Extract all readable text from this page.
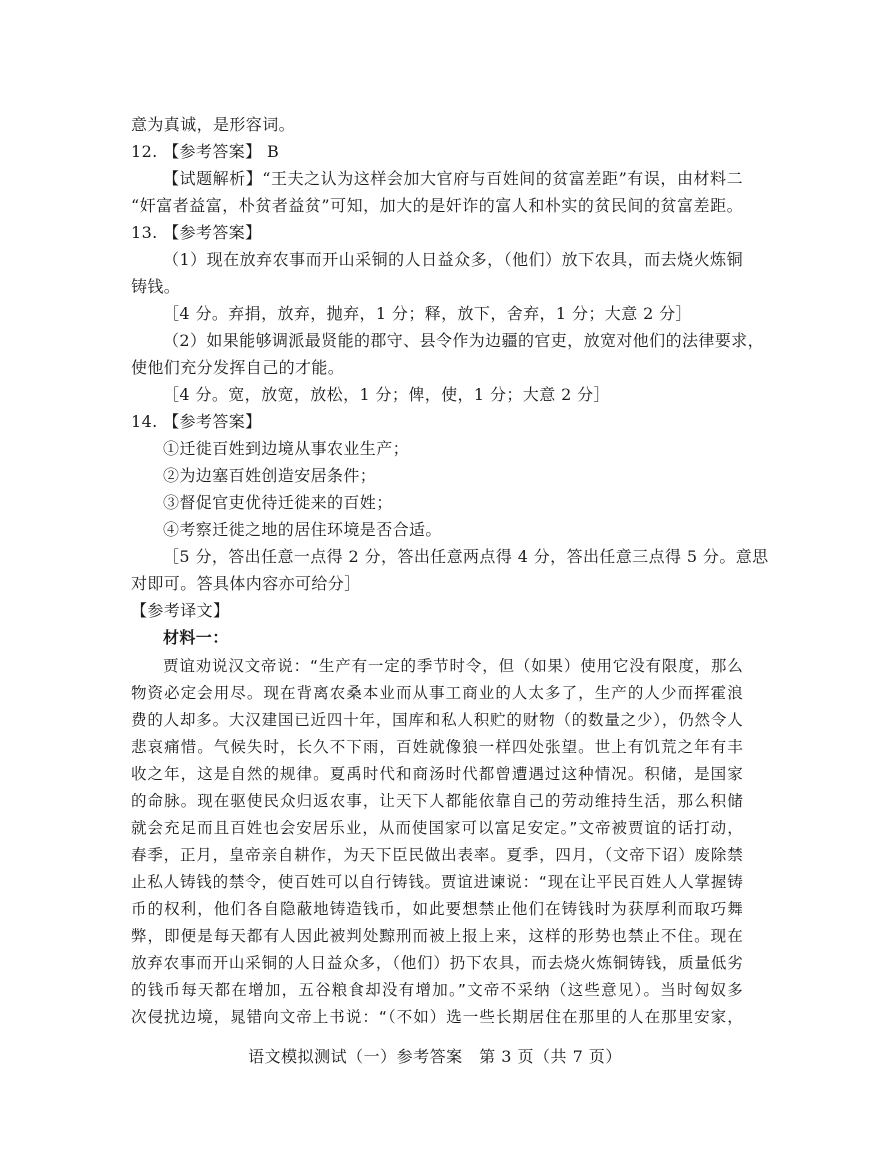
意为真诚，是形容词。
12. 【参考答案】 B
【试题解析】“王夫之认为这样会加大官府与百姓间的贫富差距”有误，由材料二
“奸富者益富，朴贫者益贫”可知，加大的是奸诈的富人和朴实的贫民间的贫富差距。
13. 【参考答案】
（1）现在放弃农事而开山采铜的人日益众多，（他们）放下农具，而去烧火炼铜
铸钱。
［4 分。弃捐，放弃，抛弃，1 分；释，放下，舍弃，1 分；大意 2 分］
（2）如果能够调派最贤能的郡守、县令作为边疆的官吏，放宽对他们的法律要求，
使他们充分发挥自己的才能。
［4 分。宽，放宽，放松，1 分；俾，使，1 分；大意 2 分］
14. 【参考答案】
①迁徙百姓到边境从事农业生产；
②为边塞百姓创造安居条件；
③督促官吏优待迁徙来的百姓；
④考察迁徙之地的居住环境是否合适。
［5 分，答出任意一点得 2 分，答出任意两点得 4 分，答出任意三点得 5 分。意思
对即可。答具体内容亦可给分］
【参考译文】
材料一：
贾谊劝说汉文帝说：“生产有一定的季节时令，但（如果）使用它没有限度，那么
物资必定会用尽。现在背离农桑本业而从事工商业的人太多了，生产的人少而挥霍浪
费的人却多。大汉建国已近四十年，国库和私人积贮的财物（的数量之少），仍然令人
悲哀痛惜。气候失时，长久不下雨，百姓就像狼一样四处张望。世上有饥荒之年有丰
收之年，这是自然的规律。夏禹时代和商汤时代都曾遭遇过这种情况。积储，是国家
的命脉。现在驱使民众归返农事，让天下人都能依靠自己的劳动维持生活，那么积储
就会充足而且百姓也会安居乐业，从而使国家可以富足安定。”文帝被贾谊的话打动，
春季，正月，皇帝亲自耕作，为天下臣民做出表率。夏季，四月，（文帝下诏）废除禁
止私人铸钱的禁令，使百姓可以自行铸钱。贾谊进谏说：“现在让平民百姓人人掌握铸
币的权利，他们各自隐蔽地铸造钱币，如此要想禁止他们在铸钱时为获厚利而取巧舞
弊，即便是每天都有人因此被判处黥刑而被上报上来，这样的形势也禁止不住。现在
放弃农事而开山采铜的人日益众多，（他们）扔下农具，而去烧火炼铜铸钱，质量低劣
的钱币每天都在增加，五谷粮食却没有增加。”文帝不采纳（这些意见）。当时匈奴多
次侵扰边境，晁错向文帝上书说：“（不如）选一些长期居住在那里的人在那里安家，
语文模拟测试（一）参考答案　第 3 页（共 7 页）
